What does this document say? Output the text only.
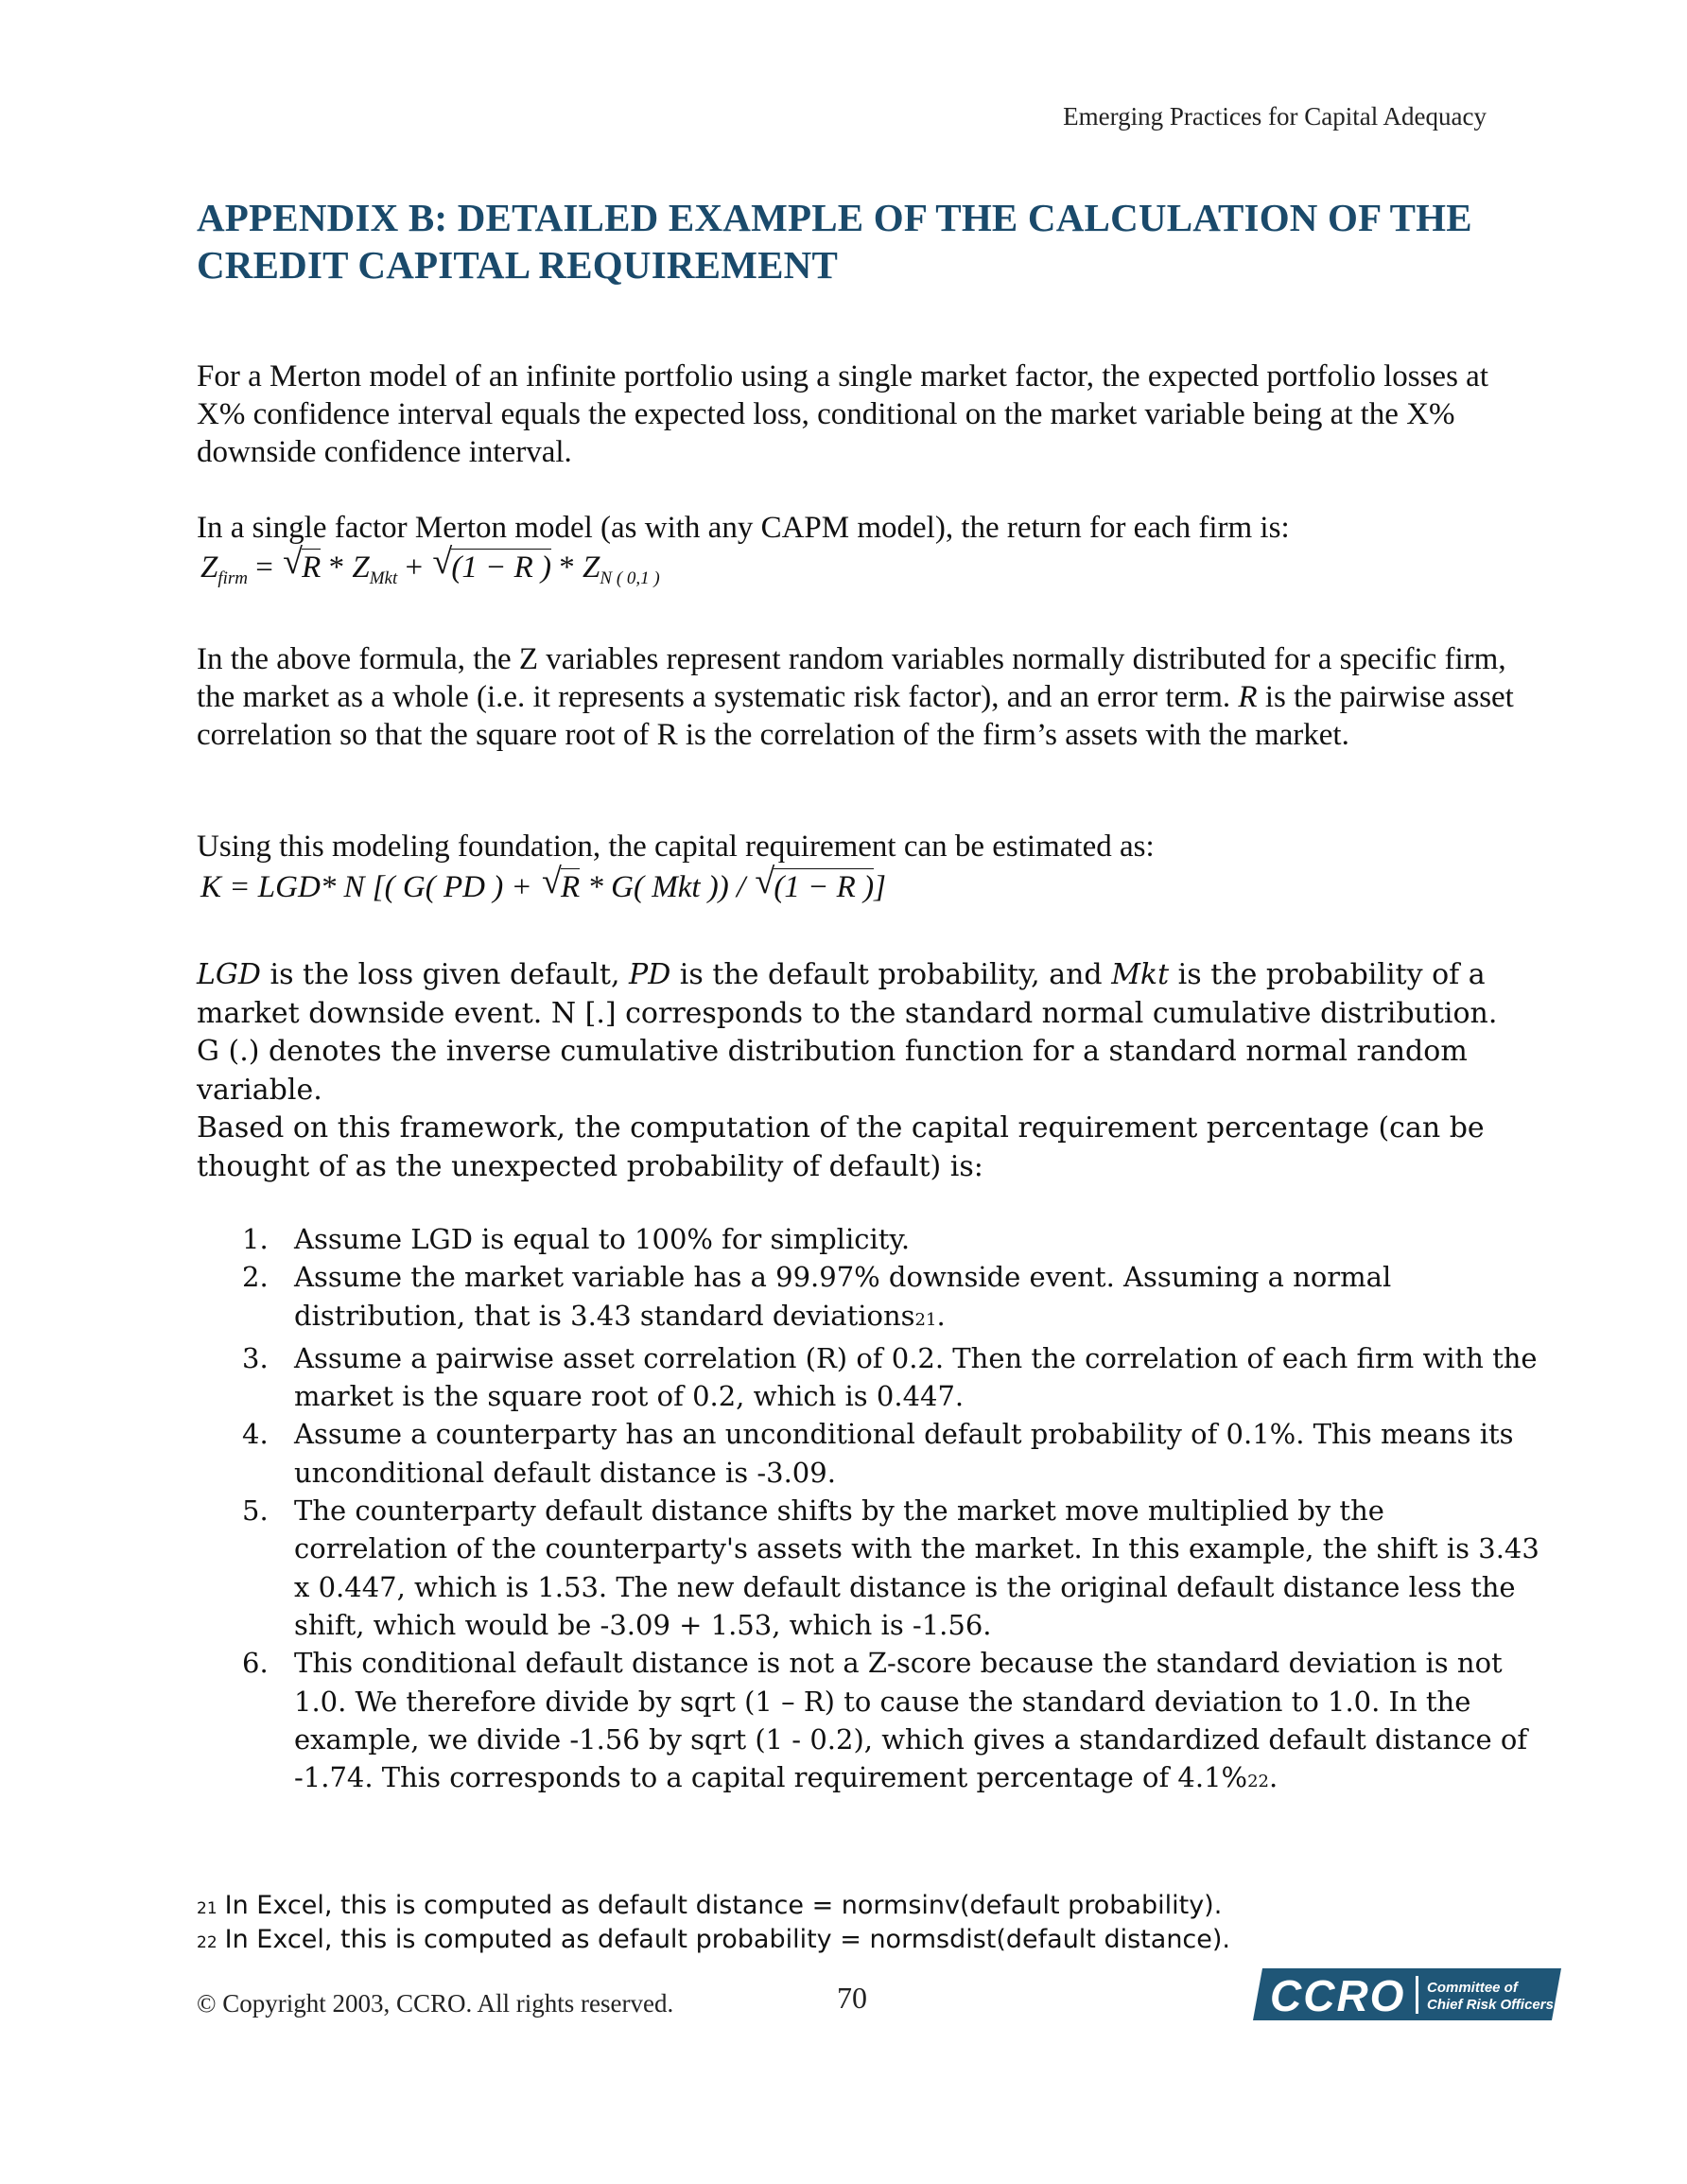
Emerging Practices for Capital Adequacy
APPENDIX B: DETAILED EXAMPLE OF THE CALCULATION OF THE CREDIT CAPITAL REQUIREMENT
For a Merton model of an infinite portfolio using a single market factor, the expected portfolio losses at X% confidence interval equals the expected loss, conditional on the market variable being at the X% downside confidence interval.
In a single factor Merton model (as with any CAPM model), the return for each firm is:
$Z_{firm}$ = √ R * $Z_{Mkt}$ + √ (1 − R ) * $Z_{N ( 0,1 )}$
In the above formula, the Z variables represent random variables normally distributed for a specific firm, the market as a whole (i.e. it represents a systematic risk factor), and an error term. R is the pairwise asset correlation so that the square root of R is the correlation of the firm’s assets with the market.
Using this modeling foundation, the capital requirement can be estimated as:
K = LGD* N [( G( PD ) + √ R * G( Mkt )) / √ (1 − R )]
LGD is the loss given default, PD is the default probability, and Mkt is the probability of a market downside event. N [.] corresponds to the standard normal cumulative distribution. G (.) denotes the inverse cumulative distribution function for a standard normal random variable.
Based on this framework, the computation of the capital requirement percentage (can be thought of as the unexpected probability of default) is:
1. Assume LGD is equal to 100% for simplicity.
2. Assume the market variable has a 99.97% downside event. Assuming a normal distribution, that is 3.43 standard deviations21.
3. Assume a pairwise asset correlation (R) of 0.2. Then the correlation of each firm with the market is the square root of 0.2, which is 0.447.
4. Assume a counterparty has an unconditional default probability of 0.1%. This means its unconditional default distance is -3.09.
5. The counterparty default distance shifts by the market move multiplied by the correlation of the counterparty's assets with the market. In this example, the shift is 3.43 x 0.447, which is 1.53. The new default distance is the original default distance less the shift, which would be -3.09 + 1.53, which is -1.56.
6. This conditional default distance is not a Z-score because the standard deviation is not 1.0. We therefore divide by sqrt (1 – R) to cause the standard deviation to 1.0. In the example, we divide -1.56 by sqrt (1 - 0.2), which gives a standardized default distance of -1.74. This corresponds to a capital requirement percentage of 4.1%22.
21 In Excel, this is computed as default distance = normsinv(default probability).
22 In Excel, this is computed as default probability = normsdist(default distance).
© Copyright 2003, CCRO. All rights reserved.	70	CCRO Committee of
Chief Risk Officers
